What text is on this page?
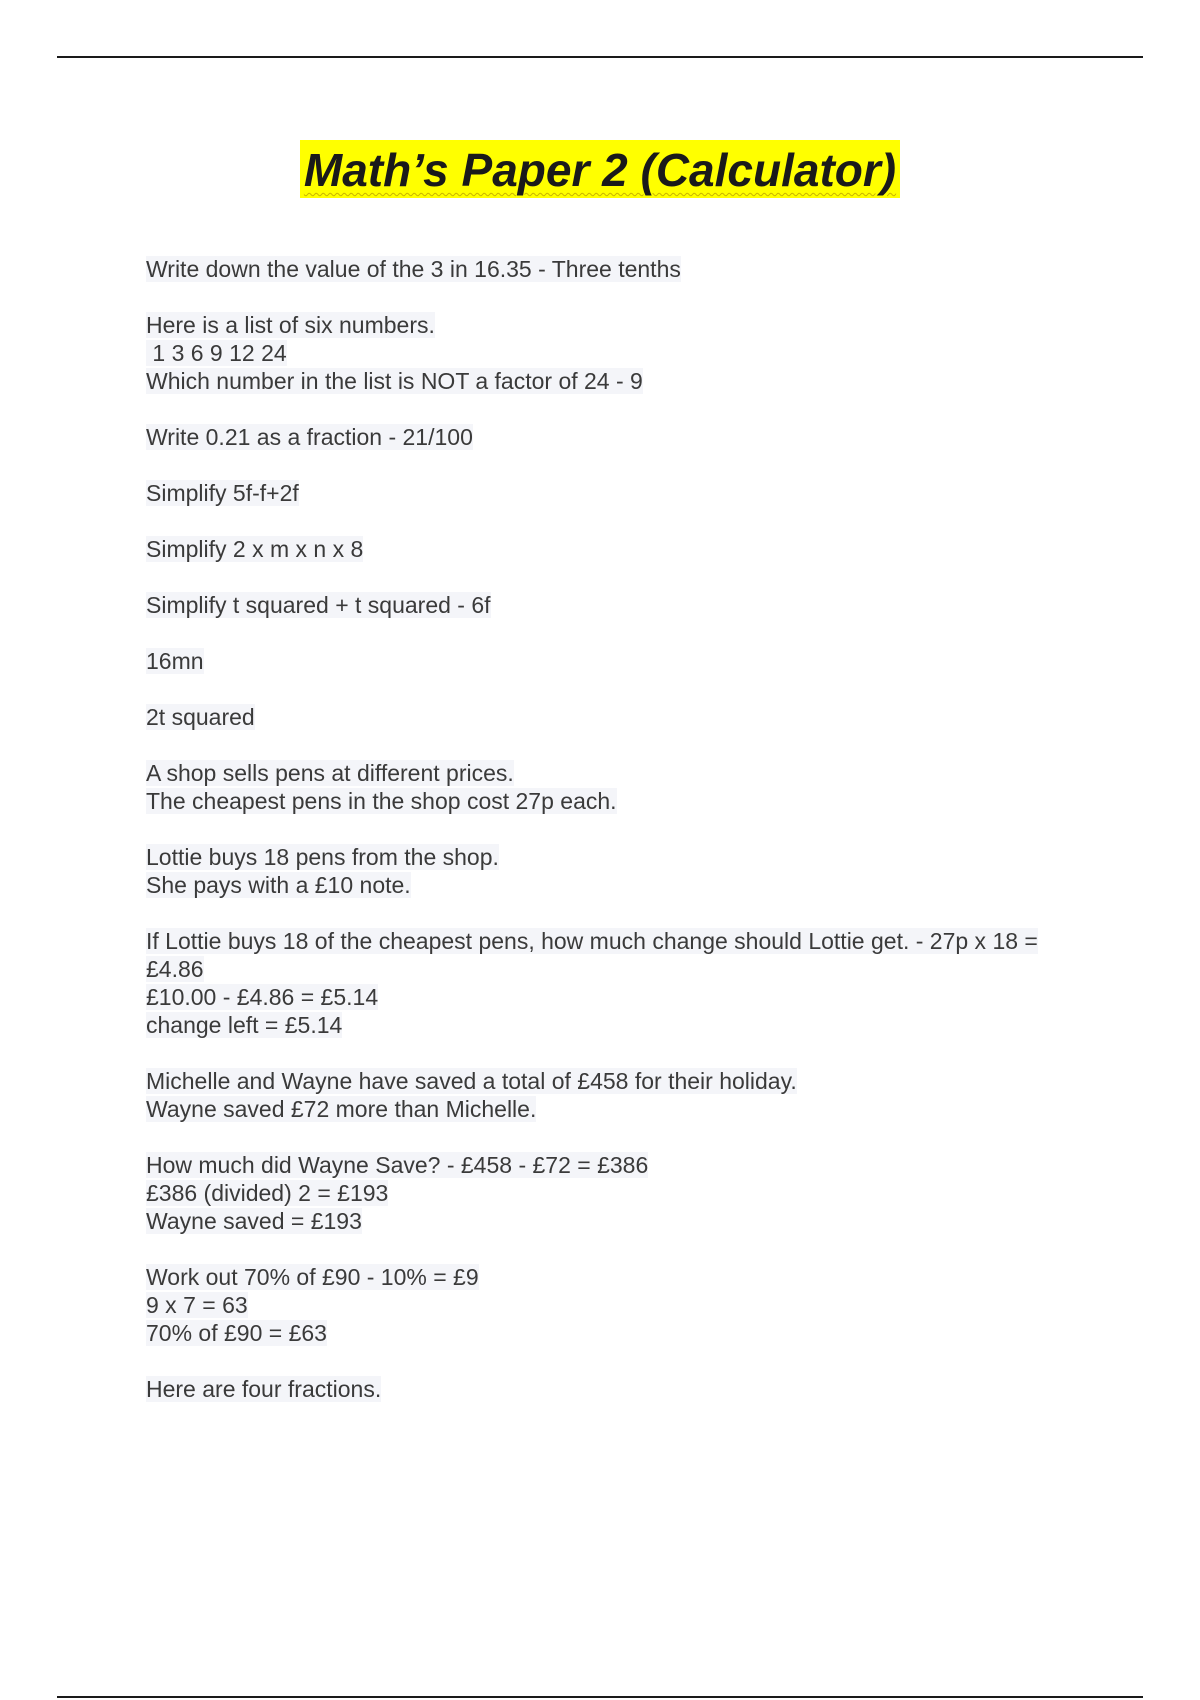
Math’s Paper 2 (Calculator)
Write down the value of the 3 in 16.35 - Three tenths
Here is a list of six numbers.
1 3 6 9 12 24
Which number in the list is NOT a factor of 24 - 9
Write 0.21 as a fraction - 21/100
Simplify 5f-f+2f
Simplify 2 x m x n x 8
Simplify t squared + t squared - 6f
16mn
2t squared
A shop sells pens at different prices.
The cheapest pens in the shop cost 27p each.
Lottie buys 18 pens from the shop.
She pays with a £10 note.
If Lottie buys 18 of the cheapest pens, how much change should Lottie get. - 27p x 18 =
£4.86
£10.00 - £4.86 = £5.14
change left = £5.14
Michelle and Wayne have saved a total of £458 for their holiday.
Wayne saved £72 more than Michelle.
How much did Wayne Save? - £458 - £72 = £386
£386 (divided) 2 = £193
Wayne saved = £193
Work out 70% of £90 - 10% = £9
9 x 7 = 63
70% of £90 = £63
Here are four fractions.
